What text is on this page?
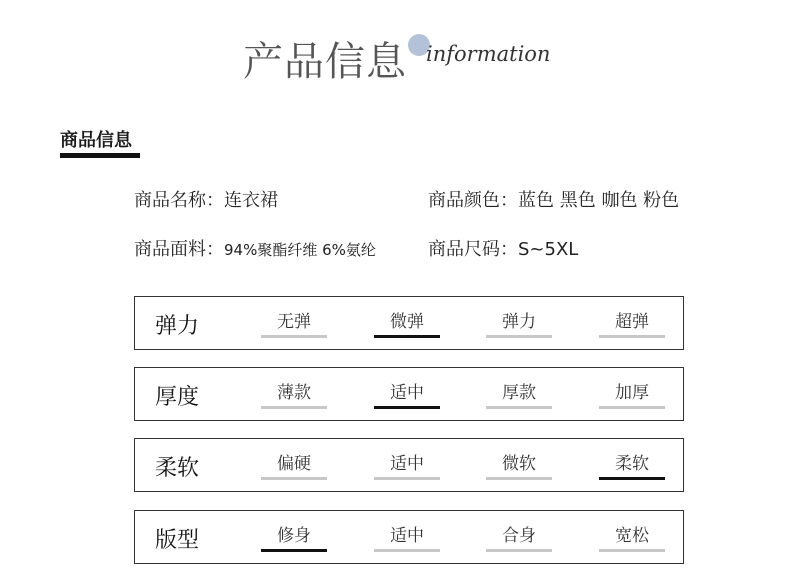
产品信息 information
商品信息
商品名称：连衣裙	商品颜色：蓝色 黑色 咖色 粉色
商品面料：94%聚酯纤维 6%氨纶	商品尺码：S~5XL
弹力	无弹	微弹	弹力	超弹
厚度	薄款	适中	厚款	加厚
柔软	偏硬	适中	微软	柔软
版型	修身	适中	合身	宽松
